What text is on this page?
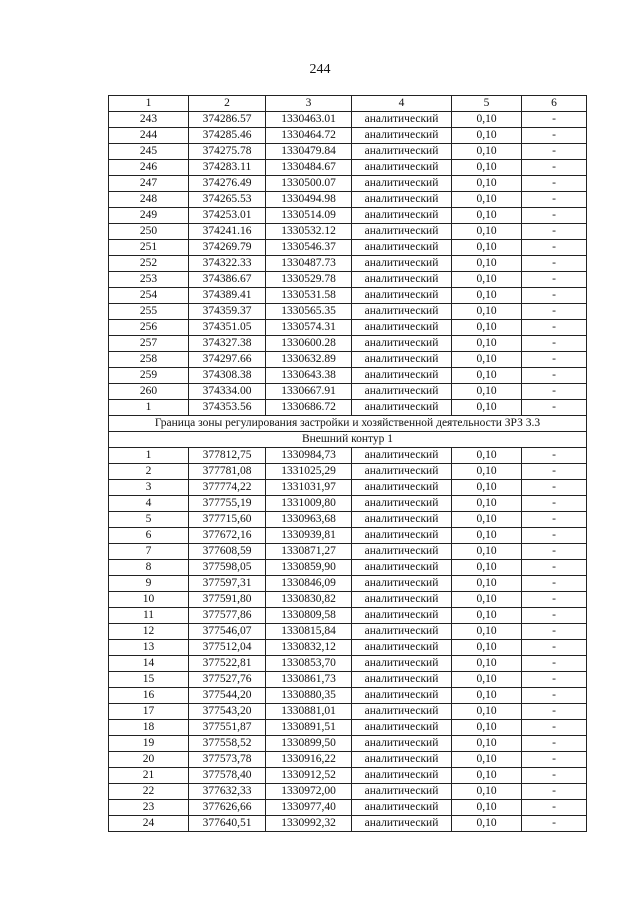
244
1	2	3	4	5	6
243	374286.57	1330463.01	аналитический	0,10	-
244	374285.46	1330464.72	аналитический	0,10	-
245	374275.78	1330479.84	аналитический	0,10	-
246	374283.11	1330484.67	аналитический	0,10	-
247	374276.49	1330500.07	аналитический	0,10	-
248	374265.53	1330494.98	аналитический	0,10	-
249	374253.01	1330514.09	аналитический	0,10	-
250	374241.16	1330532.12	аналитический	0,10	-
251	374269.79	1330546.37	аналитический	0,10	-
252	374322.33	1330487.73	аналитический	0,10	-
253	374386.67	1330529.78	аналитический	0,10	-
254	374389.41	1330531.58	аналитический	0,10	-
255	374359.37	1330565.35	аналитический	0,10	-
256	374351.05	1330574.31	аналитический	0,10	-
257	374327.38	1330600.28	аналитический	0,10	-
258	374297.66	1330632.89	аналитический	0,10	-
259	374308.38	1330643.38	аналитический	0,10	-
260	374334.00	1330667.91	аналитический	0,10	-
1	374353.56	1330686.72	аналитический	0,10	-
Граница зоны регулирования застройки и хозяйственной деятельности ЗРЗ 3.3					
Внешний контур 1					
1	377812,75	1330984,73	аналитический	0,10	-
2	377781,08	1331025,29	аналитический	0,10	-
3	377774,22	1331031,97	аналитический	0,10	-
4	377755,19	1331009,80	аналитический	0,10	-
5	377715,60	1330963,68	аналитический	0,10	-
6	377672,16	1330939,81	аналитический	0,10	-
7	377608,59	1330871,27	аналитический	0,10	-
8	377598,05	1330859,90	аналитический	0,10	-
9	377597,31	1330846,09	аналитический	0,10	-
10	377591,80	1330830,82	аналитический	0,10	-
11	377577,86	1330809,58	аналитический	0,10	-
12	377546,07	1330815,84	аналитический	0,10	-
13	377512,04	1330832,12	аналитический	0,10	-
14	377522,81	1330853,70	аналитический	0,10	-
15	377527,76	1330861,73	аналитический	0,10	-
16	377544,20	1330880,35	аналитический	0,10	-
17	377543,20	1330881,01	аналитический	0,10	-
18	377551,87	1330891,51	аналитический	0,10	-
19	377558,52	1330899,50	аналитический	0,10	-
20	377573,78	1330916,22	аналитический	0,10	-
21	377578,40	1330912,52	аналитический	0,10	-
22	377632,33	1330972,00	аналитический	0,10	-
23	377626,66	1330977,40	аналитический	0,10	-
24	377640,51	1330992,32	аналитический	0,10	-
